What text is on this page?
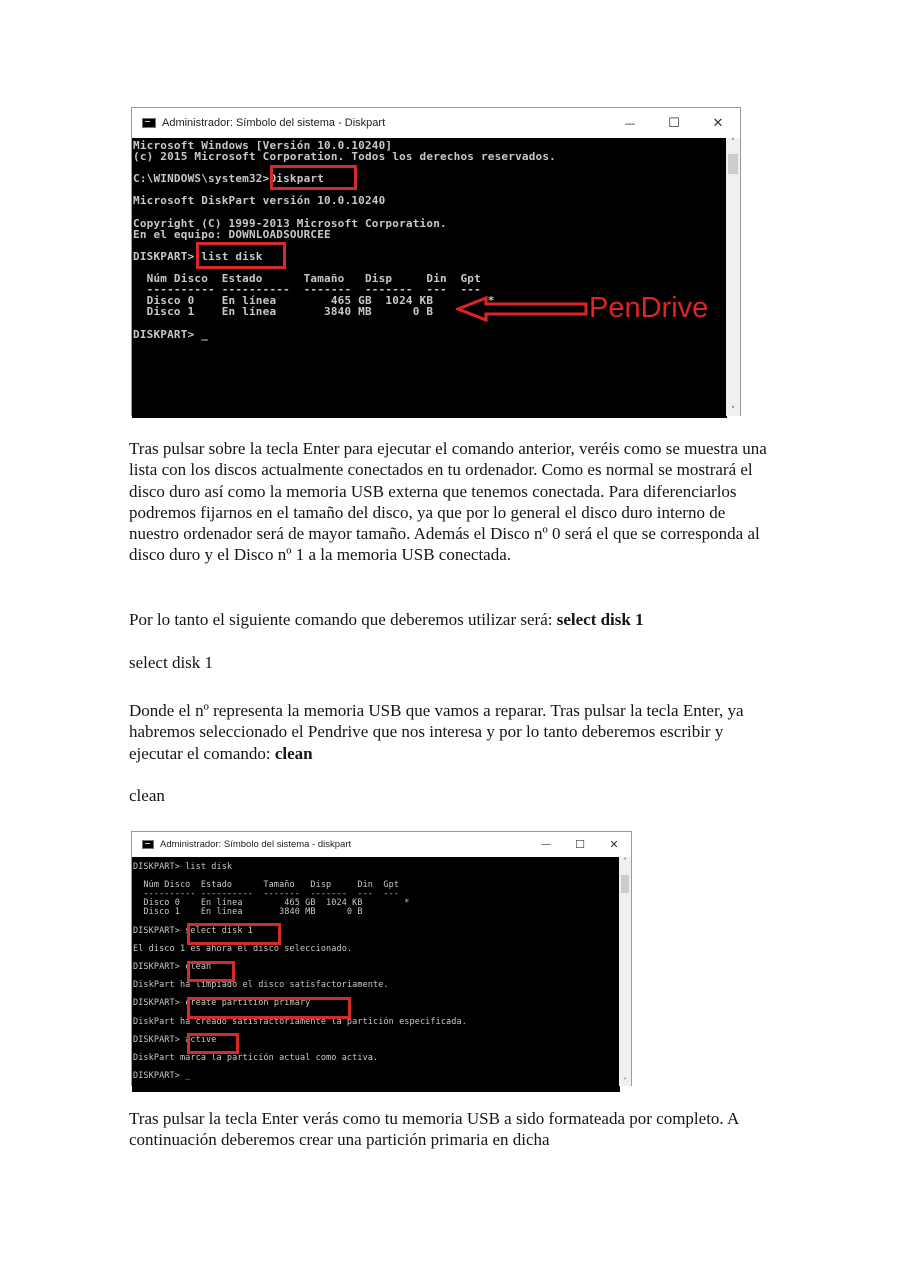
Administrador: Símbolo del sistema - Diskpart	—	☐	✕
Microsoft Windows [Versión 10.0.10240]
(c) 2015 Microsoft Corporation. Todos los derechos reservados.

C:\WINDOWS\system32>Diskpart

Microsoft DiskPart versión 10.0.10240

Copyright (C) 1999-2013 Microsoft Corporation.
En el equipo: DOWNLOADSOURCEE

DISKPART> list disk

Núm Disco  Estado      Tamaño   Disp     Din  Gpt
---------- ----------  -------  -------  ---  ---
Disco 0    En línea        465 GB  1024 KB        *
Disco 1    En línea       3840 MB      0 B

DISKPART> _
˄
˅
PenDrive

Tras pulsar sobre la tecla Enter para ejecutar el comando anterior, veréis como se muestra una lista con los discos actualmente conectados en tu ordenador. Como es normal se mostrará el disco duro así como la memoria USB externa que tenemos conectada. Para diferenciarlos podremos fijarnos en el tamaño del disco, ya que por lo general el disco duro interno de nuestro ordenador será de mayor tamaño. Además el Disco nº 0 será el que se corresponda al disco duro y el Disco nº 1 a la memoria USB conectada.

Por lo tanto el siguiente comando que deberemos utilizar será: select disk 1

select disk 1

Donde el nº representa la memoria USB que vamos a reparar. Tras pulsar la tecla Enter, ya habremos seleccionado el Pendrive que nos interesa y por lo tanto deberemos escribir y ejecutar el comando: clean

clean

Administrador: Símbolo del sistema - diskpart	—	☐	✕
DISKPART> list disk

Núm Disco  Estado      Tamaño   Disp     Din  Gpt
---------- ----------  -------  -------  ---  ---
Disco 0    En línea        465 GB  1024 KB        *
Disco 1    En línea       3840 MB      0 B

DISKPART> select disk 1

El disco 1 es ahora el disco seleccionado.

DISKPART> clean

DiskPart ha limpiado el disco satisfactoriamente.

DISKPART> create partition primary

DiskPart ha creado satisfactoriamente la partición especificada.

DISKPART> active

DiskPart marca la partición actual como activa.

DISKPART> _
˄
˅

Tras pulsar la tecla Enter verás como tu memoria USB a sido formateada por completo. A continuación deberemos crear una partición primaria en dicha
